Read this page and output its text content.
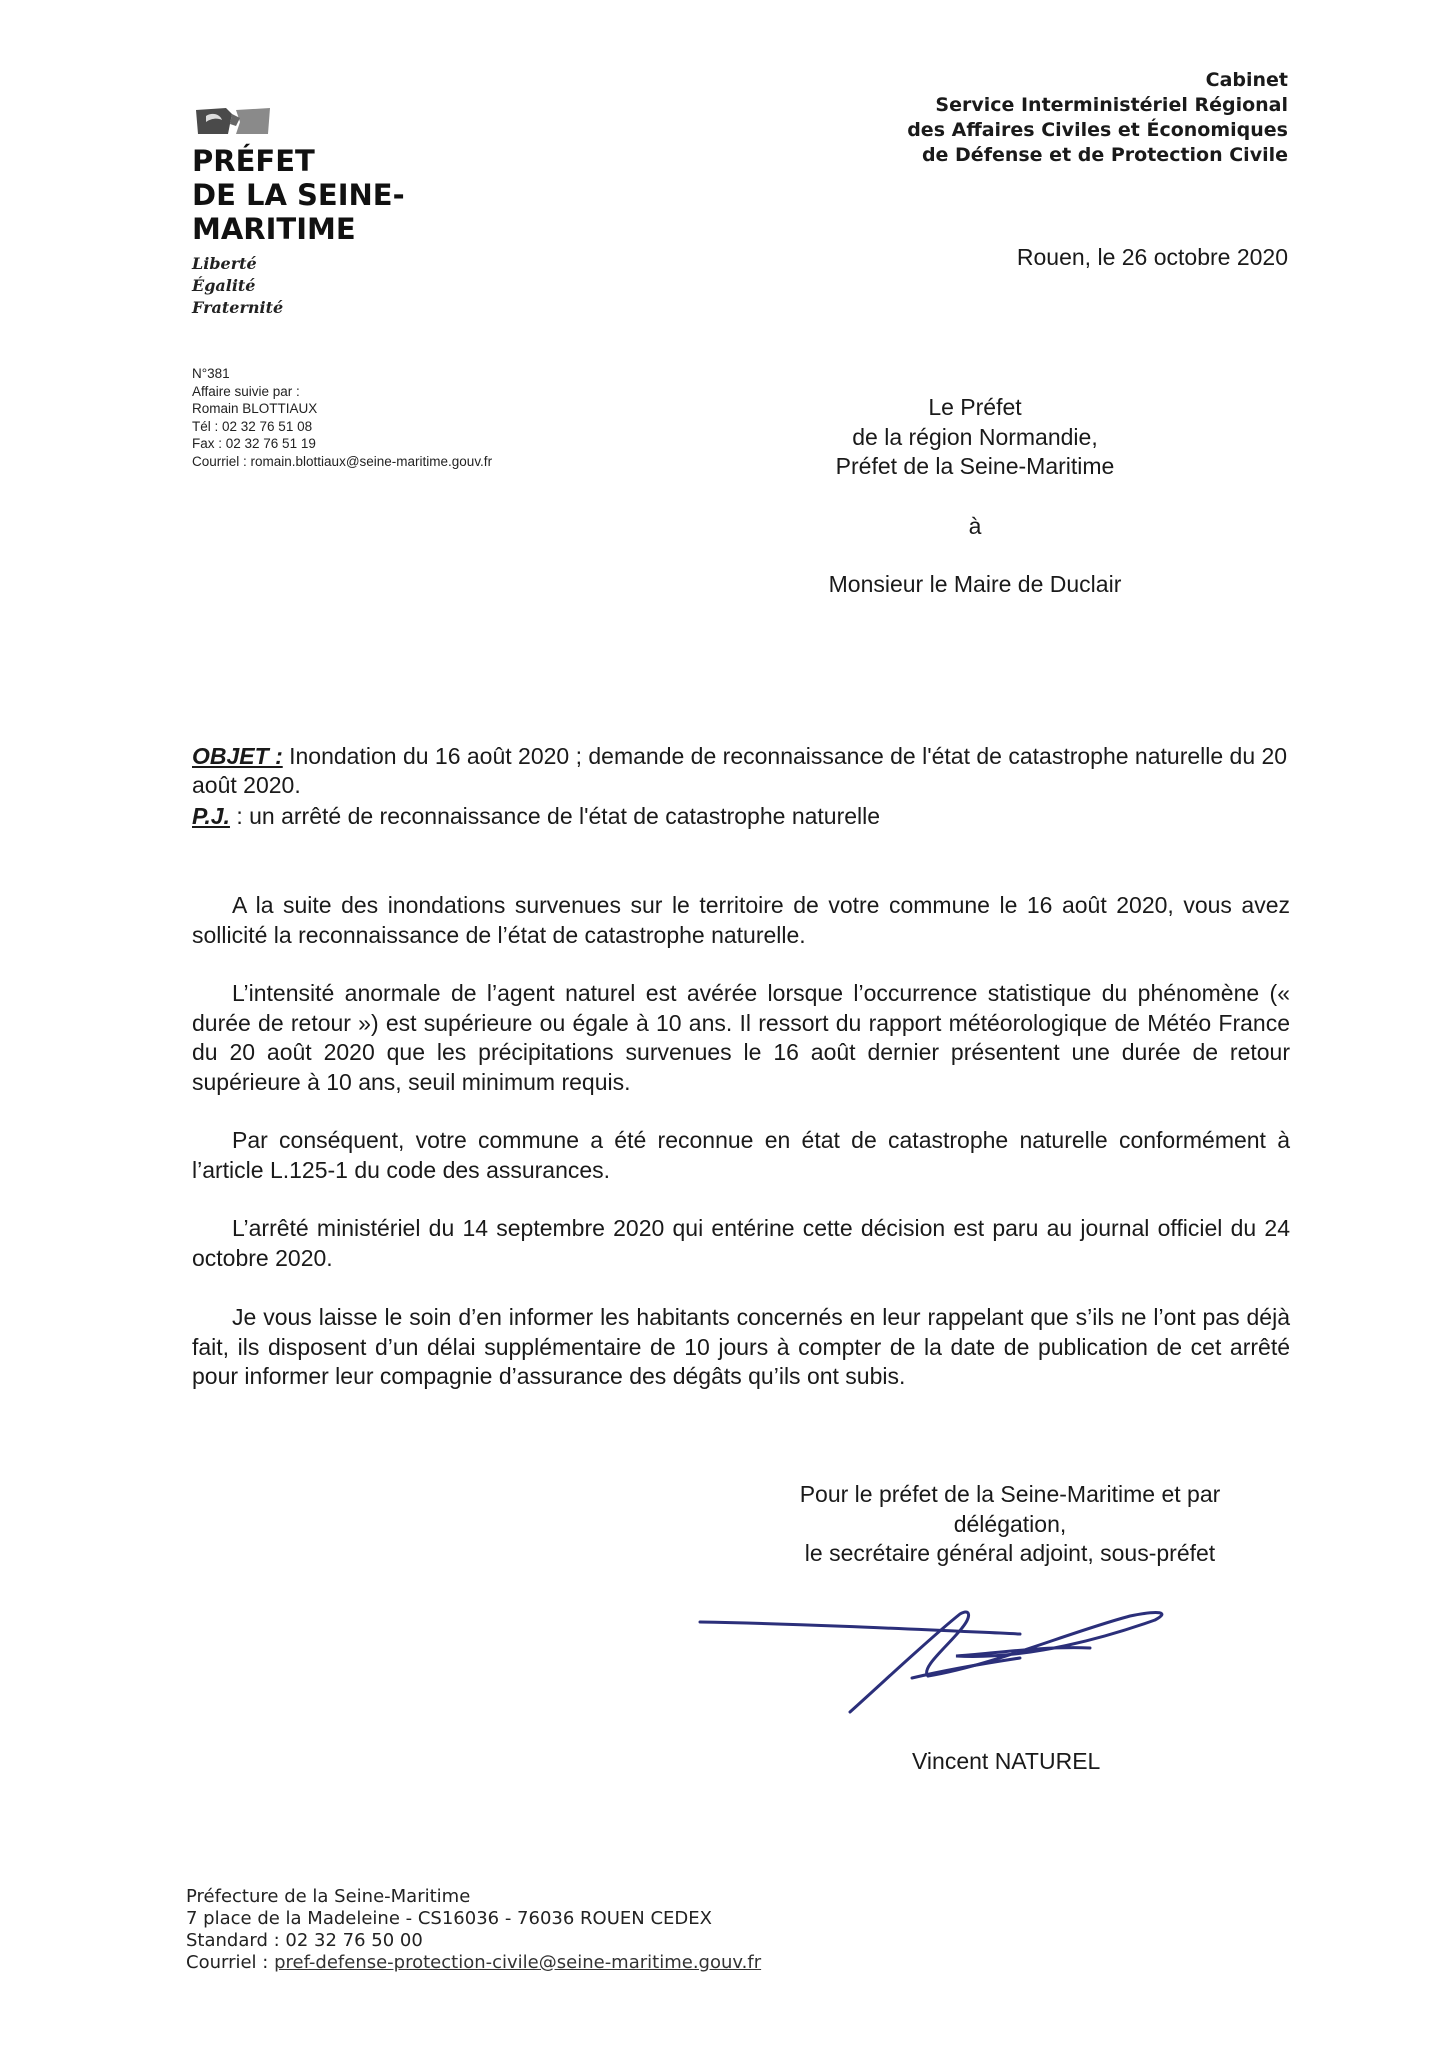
PRÉFET
DE LA SEINE-
MARITIME
Liberté
Égalité
Fraternité
Cabinet
Service Interministériel Régional
des Affaires Civiles et Économiques
de Défense et de Protection Civile
Rouen, le 26 octobre 2020
N°381
Affaire suivie par :
Romain BLOTTIAUX
Tél : 02 32 76 51 08
Fax : 02 32 76 51 19
Courriel : romain.blottiaux@seine-maritime.gouv.fr
Le Préfet
de la région Normandie,
Préfet de la Seine-Maritime
à
Monsieur le Maire de Duclair
OBJET : Inondation du 16 août 2020 ; demande de reconnaissance de l'état de catastrophe naturelle du 20 août 2020.
P.J. : un arrêté de reconnaissance de l'état de catastrophe naturelle
A la suite des inondations survenues sur le territoire de votre commune le 16 août 2020, vous avez sollicité la reconnaissance de l’état de catastrophe naturelle.
L’intensité anormale de l’agent naturel est avérée lorsque l’occurrence statistique du phénomène (« durée de retour ») est supérieure ou égale à 10 ans. Il ressort du rapport météorologique de Météo France du 20 août 2020 que les précipitations survenues le 16 août dernier présentent une durée de retour supérieure à 10 ans, seuil minimum requis.
Par conséquent, votre commune a été reconnue en état de catastrophe naturelle conformément à l’article L.125-1 du code des assurances.
L’arrêté ministériel du 14 septembre 2020 qui entérine cette décision est paru au journal officiel du 24 octobre 2020.
Je vous laisse le soin d’en informer les habitants concernés en leur rappelant que s’ils ne l’ont pas déjà fait, ils disposent d’un délai supplémentaire de 10 jours à compter de la date de publication de cet arrêté pour informer leur compagnie d’assurance des dégâts qu’ils ont subis.
Pour le préfet de la Seine-Maritime et par
délégation,
le secrétaire général adjoint, sous-préfet
Vincent NATUREL
Préfecture de la Seine-Maritime
7 place de la Madeleine - CS16036 - 76036 ROUEN CEDEX
Standard : 02 32 76 50 00
Courriel : pref-defense-protection-civile@seine-maritime.gouv.fr
